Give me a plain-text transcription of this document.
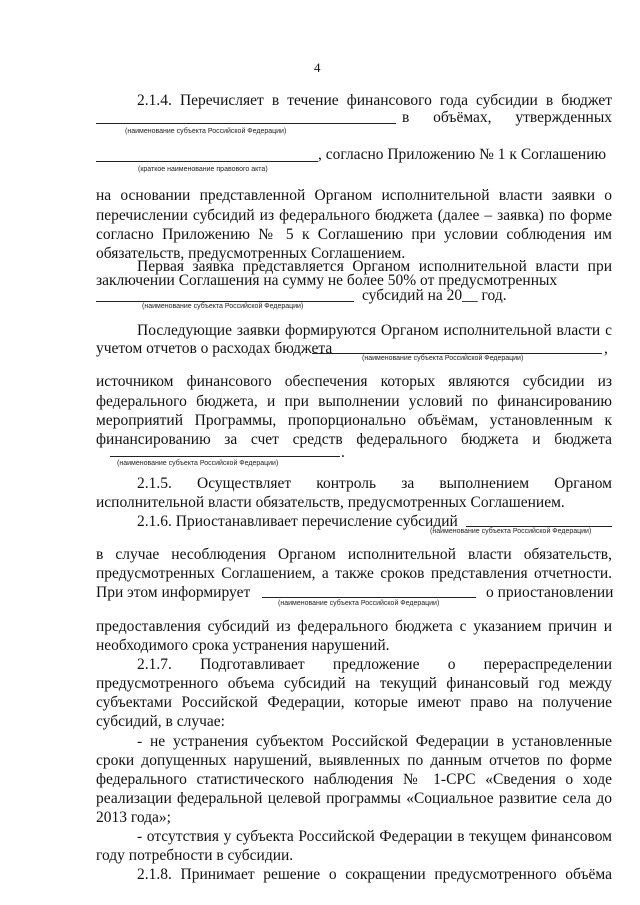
4
2.1.4. Перечисляет в течение финансового года субсидии в бюджет
в объёмах, утвержденных
(наименование субъекта Российской Федерации)
, согласно Приложению № 1 к Соглашению
(краткое наименование правового акта)
на основании представленной Органом исполнительной власти заявки о
перечислении субсидий из федерального бюджета (далее – заявка) по форме
согласно Приложению № 5 к Соглашению при условии соблюдения им
обязательств, предусмотренных Соглашением.
Первая заявка представляется Органом исполнительной власти при
заключении Соглашения на сумму не более 50% от предусмотренных
субсидий на 20__ год.
(наименование субъекта Российской Федерации)
Последующие заявки формируются Органом исполнительной власти с
учетом отчетов о расходах бюджета	,
(наименование субъекта Российской Федерации)
источником финансового обеспечения которых являются субсидии из
федерального бюджета, и при выполнении условий по финансированию
мероприятий Программы, пропорционально объёмам, установленным к
финансированию за счет средств федерального бюджета и бюджета
.
(наименование субъекта Российской Федерации)
2.1.5. Осуществляет контроль за выполнением Органом
исполнительной власти обязательств, предусмотренных Соглашением.
2.1.6. Приостанавливает перечисление субсидий
(наименование субъекта Российской Федерации)
в случае несоблюдения Органом исполнительной власти обязательств,
предусмотренных Соглашением, а также сроков представления отчетности.
При этом информирует	о приостановлении
(наименование субъекта Российской Федерации)
предоставления субсидий из федерального бюджета с указанием причин и
необходимого срока устранения нарушений.
2.1.7. Подготавливает предложение о перераспределении
предусмотренного объема субсидий на текущий финансовый год между
субъектами Российской Федерации, которые имеют право на получение
субсидий, в случае:
- не устранения субъектом Российской Федерации в установленные
сроки допущенных нарушений, выявленных по данным отчетов по форме
федерального статистического наблюдения № 1-СРС «Сведения о ходе
реализации федеральной целевой программы «Социальное развитие села до
2013 года»;
- отсутствия у субъекта Российской Федерации в текущем финансовом
году потребности в субсидии.
2.1.8. Принимает решение о сокращении предусмотренного объёма
